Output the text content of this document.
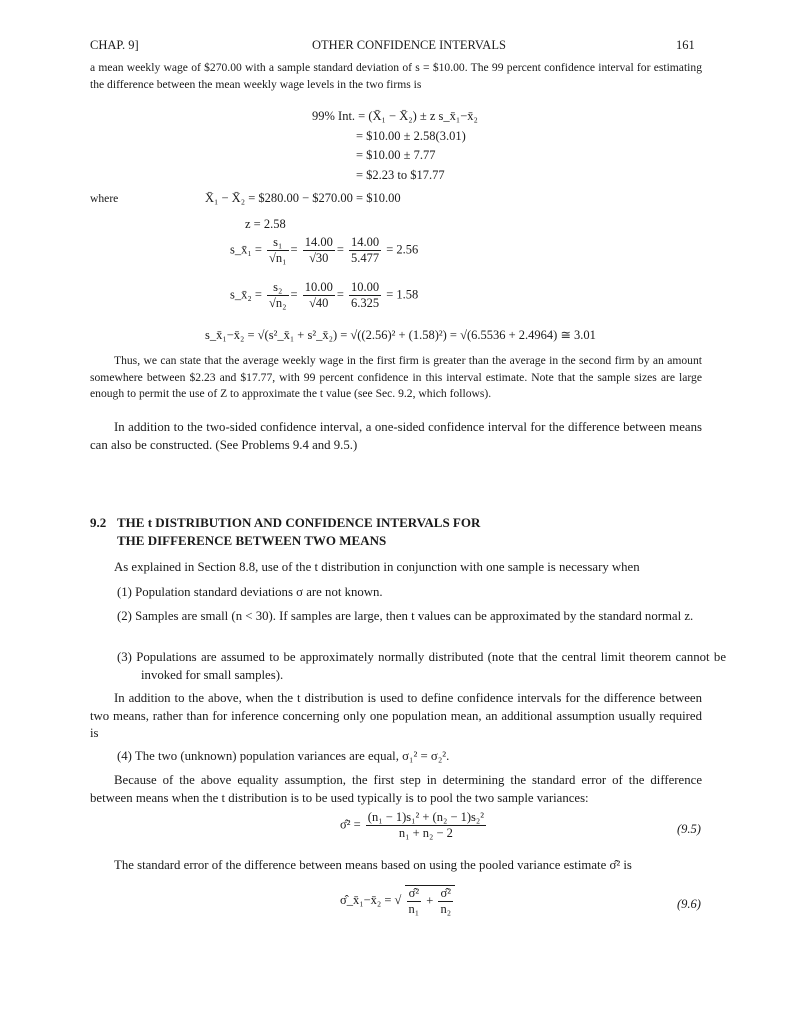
CHAP. 9]	OTHER CONFIDENCE INTERVALS	161
a mean weekly wage of $270.00 with a sample standard deviation of s = $10.00. The 99 percent confidence interval for estimating the difference between the mean weekly wage levels in the two firms is
99% Int. = (X̄₁ − X̄₂) ± z s_x̄₁−x̄₂
= $10.00 ± 2.58(3.01)
= $10.00 ± 7.77
= $2.23 to $17.77
where	X̄₁ − X̄₂ = $280.00 − $270.00 = $10.00
z = 2.58
s_x̄₁ = $\frac{\text{s₁}}{\text{√n₁}} = \frac{14.00}{√30} = \frac{14.00}{5.477} = 2.56$
s_x̄₂ = $\frac{\text{s₂}}{\text{√n₂}} = \frac{10.00}{√40} = \frac{10.00}{6.325} = 1.58$
s_x̄₁−x̄₂ = √(s²_x̄₁ + s²_x̄₂) = √((2.56)² + (1.58)²) = √(6.5536 + 2.4964) ≅ 3.01
Thus, we can state that the average weekly wage in the first firm is greater than the average in the second firm by an amount somewhere between $2.23 and $17.77, with 99 percent confidence in this interval estimate. Note that the sample sizes are large enough to permit the use of Z to approximate the t value (see Sec. 9.2, which follows).
In addition to the two-sided confidence interval, a one-sided confidence interval for the difference between means can also be constructed. (See Problems 9.4 and 9.5.)
9.2 THE t DISTRIBUTION AND CONFIDENCE INTERVALS FOR
THE DIFFERENCE BETWEEN TWO MEANS
As explained in Section 8.8, use of the t distribution in conjunction with one sample is necessary when
(1) Population standard deviations σ are not known.
(2) Samples are small (n < 30). If samples are large, then t values can be approximated by the standard normal z.
(3) Populations are assumed to be approximately normally distributed (note that the central limit theorem cannot be invoked for small samples).
In addition to the above, when the t distribution is used to define confidence intervals for the difference between two means, rather than for inference concerning only one population mean, an additional assumption usually required is
(4) The two (unknown) population variances are equal, σ₁² = σ₂².
Because of the above equality assumption, the first step in determining the standard error of the difference between means when the t distribution is to be used typically is to pool the two sample variances:
σ̂² = $\frac{\text{(n₁ − 1)s₁² + (n₂ − 1)s₂²}}{\text{n₁ + n₂ − 2}}$	(9.5)
The standard error of the difference between means based on using the pooled variance estimate σ̂² is
σ̂_x̄₁−x̄₂ = √ $\frac{\text{σ̂²}}{\text{n₁}} + \frac{\text{σ̂²}}{\text{n₂}}$	(9.6)
